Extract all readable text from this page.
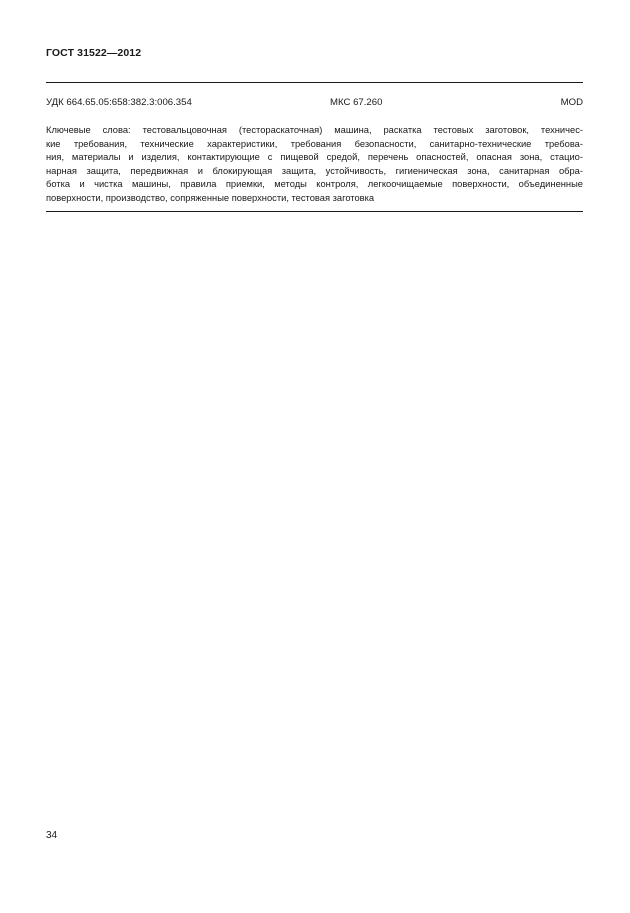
ГОСТ 31522—2012
УДК 664.65.05:658:382.3:006.354	МКС 67.260	MOD
Ключевые слова: тестовальцовочная (тестораскаточная) машина, раскатка тестовых заготовок, техничес-
кие требования, технические характеристики, требования безопасности, санитарно-технические требова-
ния, материалы и изделия, контактирующие с пищевой средой, перечень опасностей, опасная зона, стацио-
нарная защита, передвижная и блокирующая защита, устойчивость, гигиеническая зона, санитарная обра-
ботка и чистка машины, правила приемки, методы контроля, легкоочищаемые поверхности, объединенные
поверхности, производство, сопряженные поверхности, тестовая заготовка
34
